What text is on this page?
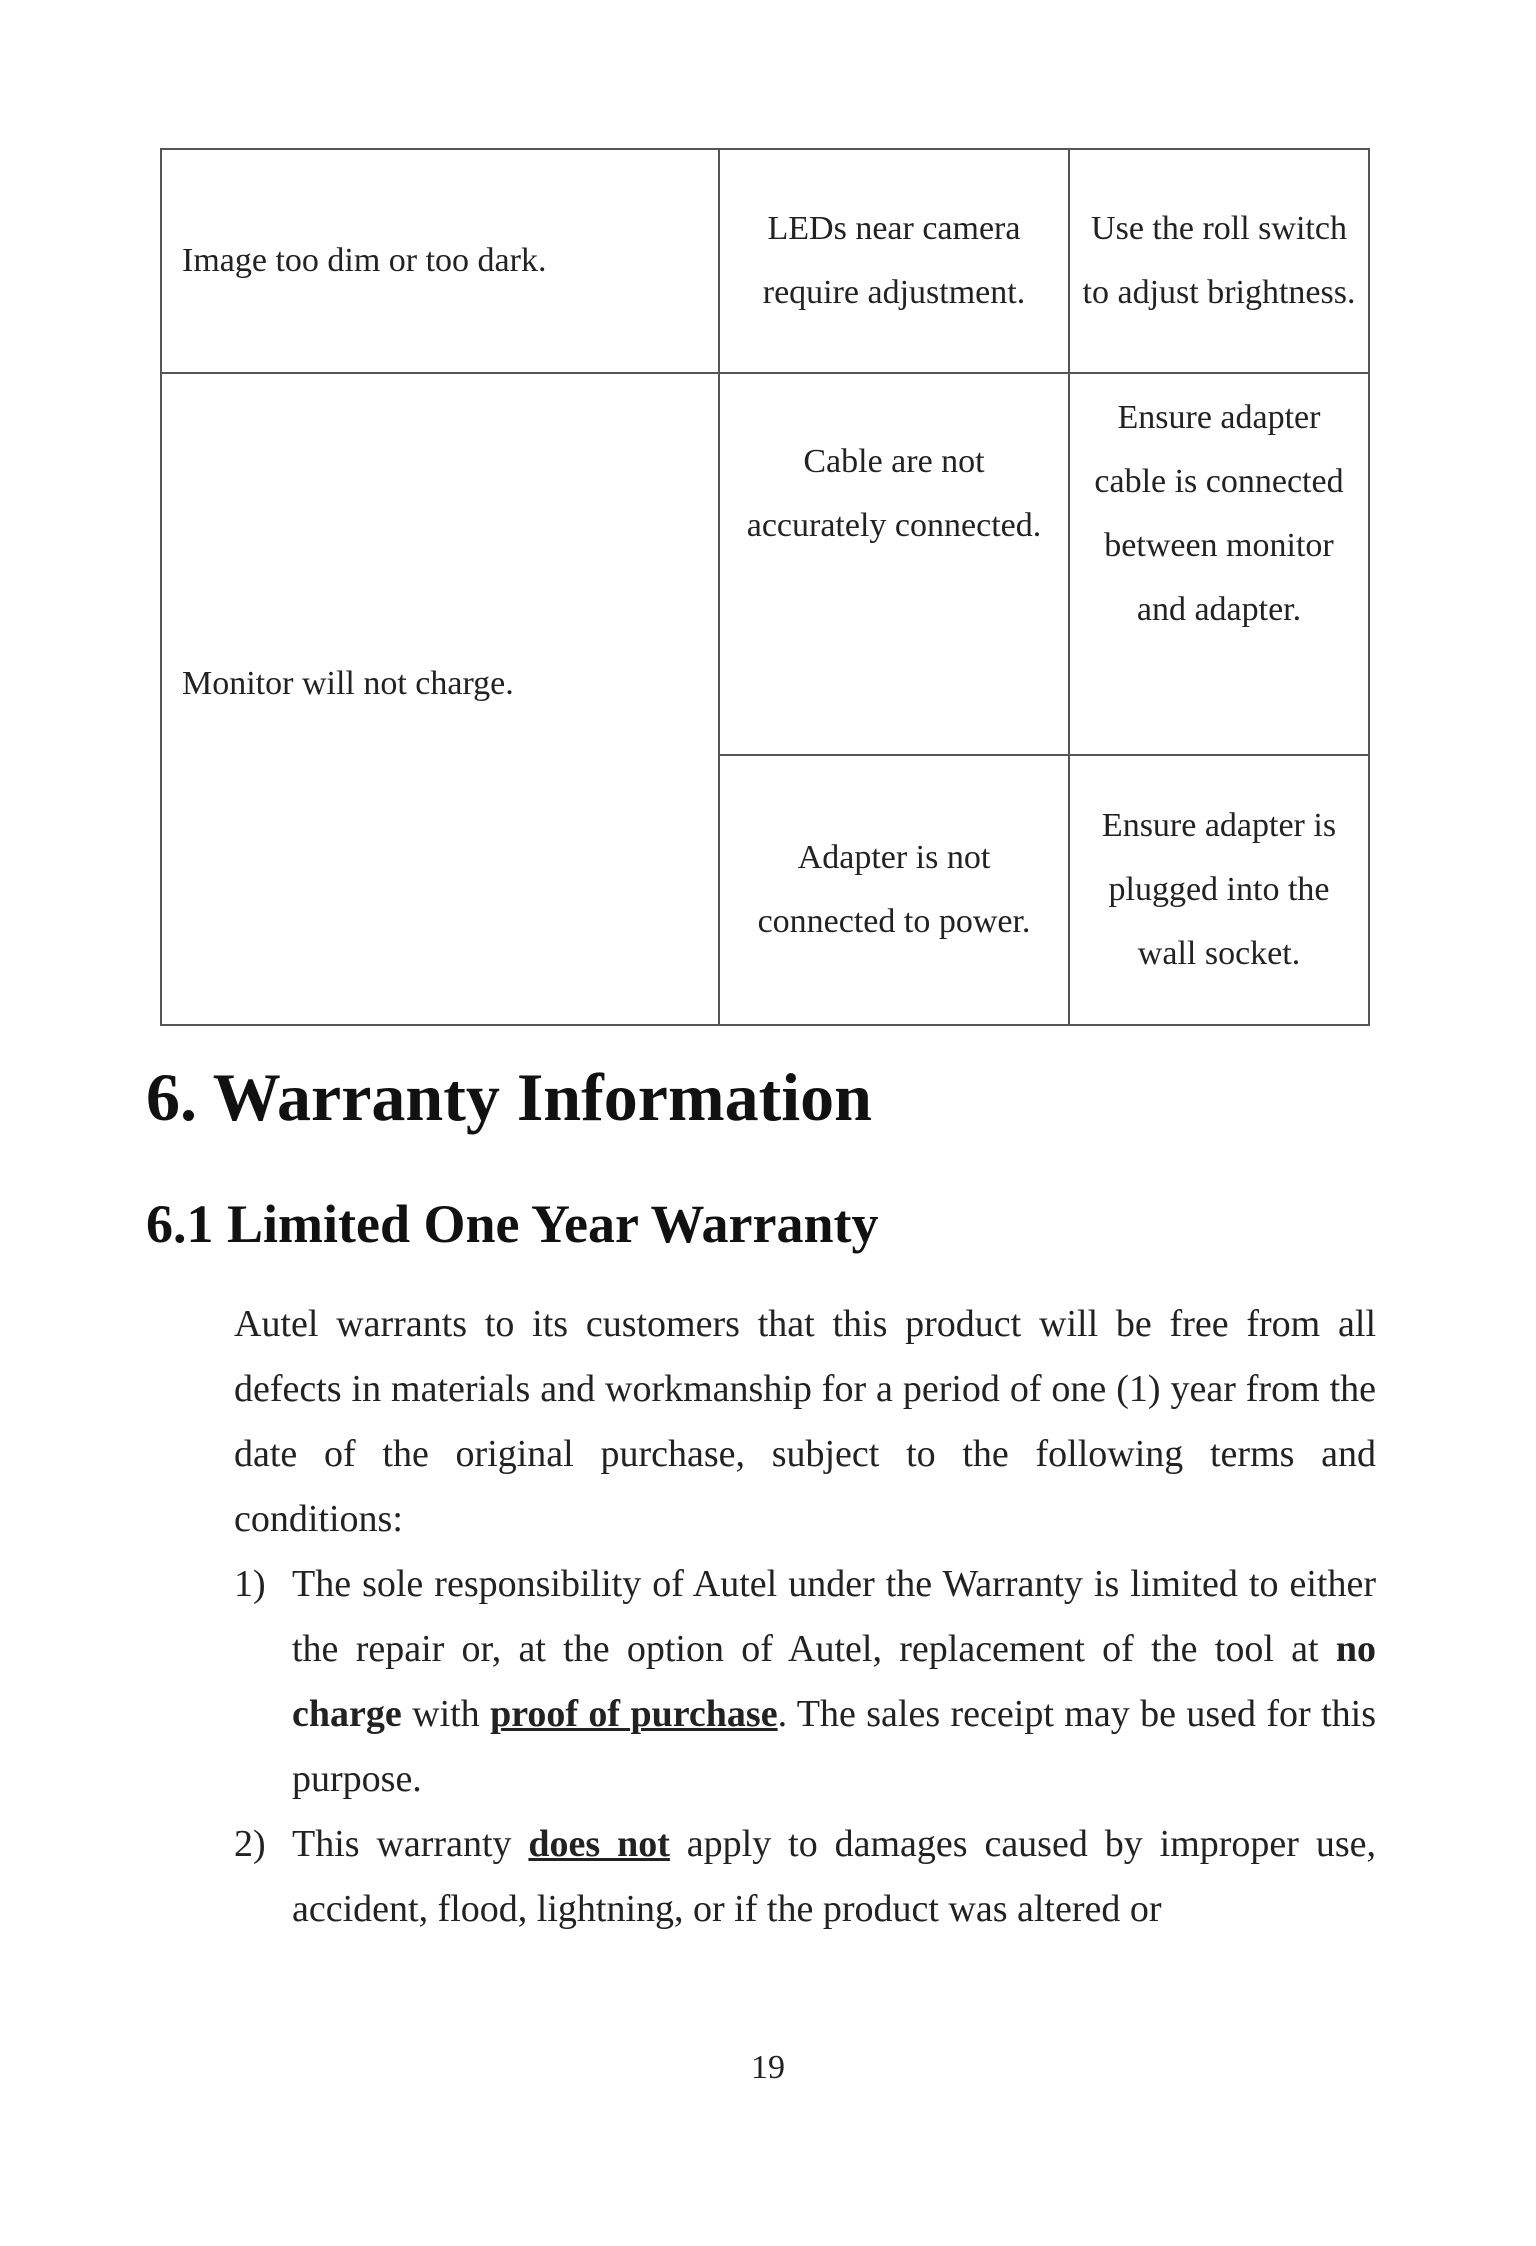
Image too dim or too dark.	LEDs near camera require adjustment.	Use the roll switch to adjust brightness.

Monitor will not charge.	Cable are not accurately connected.	Ensure adapter cable is connected between monitor and adapter.
	Adapter is not connected to power.	Ensure adapter is plugged into the wall socket.
6. Warranty Information
6.1 Limited One Year Warranty

Autel warrants to its customers that this product will be free from all defects in materials and workmanship for a period of one (1) year from the date of the original purchase, subject to the following terms and conditions:

1) The sole responsibility of Autel under the Warranty is limited to either the repair or, at the option of Autel, replacement of the tool at no charge with proof of purchase. The sales receipt may be used for this purpose.
2) This warranty does not apply to damages caused by improper use, accident, flood, lightning, or if the product was altered or
19
